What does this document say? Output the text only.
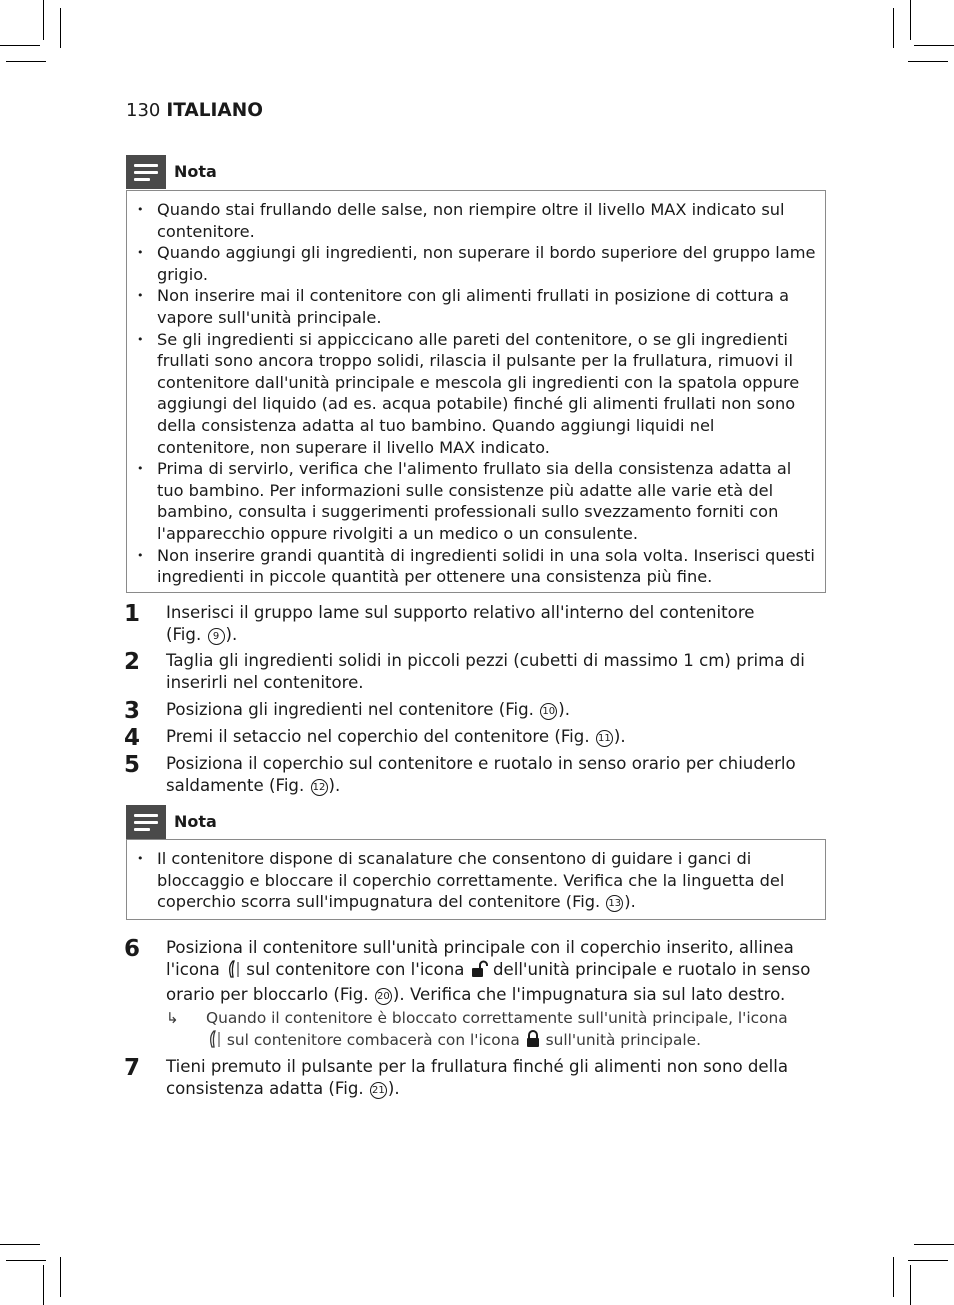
130 ITALIANO
Nota
• Quando stai frullando delle salse, non riempire oltre il livello MAX indicato sul contenitore.
• Quando aggiungi gli ingredienti, non superare il bordo superiore del gruppo lame grigio.
• Non inserire mai il contenitore con gli alimenti frullati in posizione di cottura a vapore sull'unità principale.
• Se gli ingredienti si appiccicano alle pareti del contenitore, o se gli ingredienti frullati sono ancora troppo solidi, rilascia il pulsante per la frullatura, rimuovi il contenitore dall'unità principale e mescola gli ingredienti con la spatola oppure aggiungi del liquido (ad es. acqua potabile) finché gli alimenti frullati non sono della consistenza adatta al tuo bambino. Quando aggiungi liquidi nel contenitore, non superare il livello MAX indicato.
• Prima di servirlo, verifica che l'alimento frullato sia della consistenza adatta al tuo bambino. Per informazioni sulle consistenze più adatte alle varie età del bambino, consulta i suggerimenti professionali sullo svezzamento forniti con l'apparecchio oppure rivolgiti a un medico o un consulente.
• Non inserire grandi quantità di ingredienti solidi in una sola volta. Inserisci questi ingredienti in piccole quantità per ottenere una consistenza più fine.
1 Inserisci il gruppo lame sul supporto relativo all'interno del contenitore
(Fig. 9 ).
2 Taglia gli ingredienti solidi in piccoli pezzi (cubetti di massimo 1 cm) prima di inserirli nel contenitore.
3 Posiziona gli ingredienti nel contenitore (Fig. 10 ).
4 Premi il setaccio nel coperchio del contenitore (Fig. 11 ).
5 Posiziona il coperchio sul contenitore e ruotalo in senso orario per chiuderlo saldamente (Fig. 12 ).
Nota
• Il contenitore dispone di scanalature che consentono di guidare i ganci di bloccaggio e bloccare il coperchio correttamente. Verifica che la linguetta del coperchio scorra sull'impugnatura del contenitore (Fig. 13 ).
6 Posiziona il contenitore sull'unità principale con il coperchio inserito, allinea l'icona  sul contenitore con l'icona  dell'unità principale e ruotalo in senso orario per bloccarlo (Fig. 20 ). Verifica che l'impugnatura sia sul lato destro.
↳ Quando il contenitore è bloccato correttamente sull'unità principale, l'icona  sul contenitore combacerà con l'icona  sull'unità principale.
7 Tieni premuto il pulsante per la frullatura finché gli alimenti non sono della consistenza adatta (Fig. 21 ).
